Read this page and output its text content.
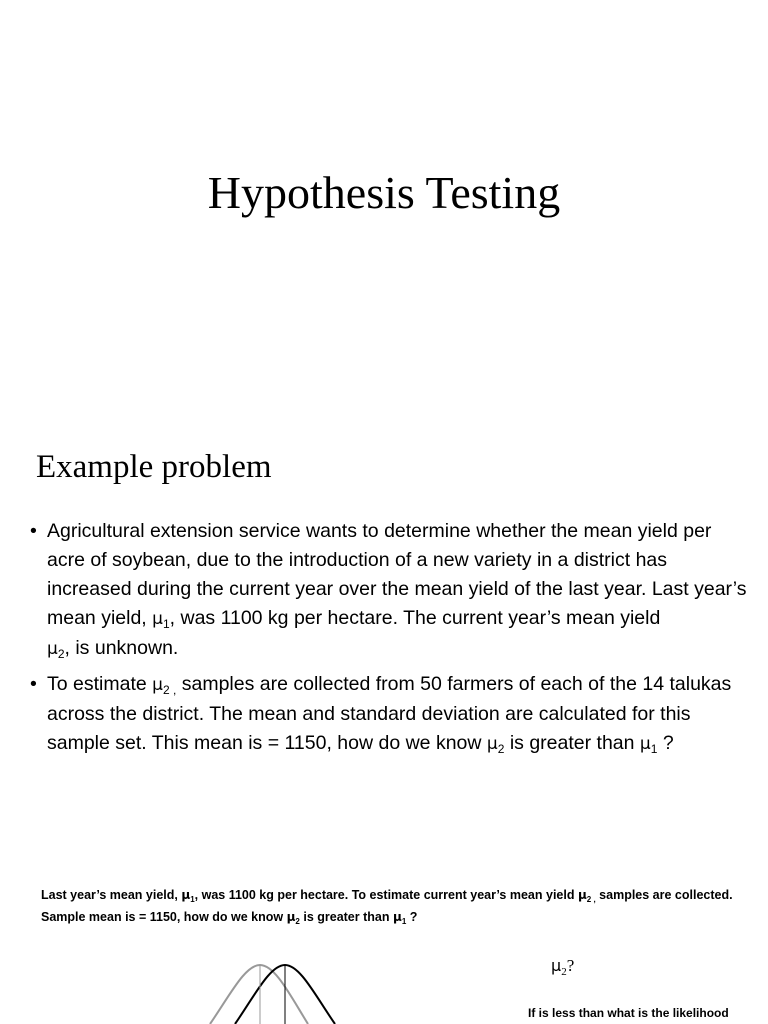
Hypothesis Testing
Example problem
• Agricultural extension service wants to determine whether the mean yield per acre of soybean, due to the introduction of a new variety in a district has increased during the current year over the mean yield of the last year. Last year’s mean yield, $\mu_1$, was 1100 kg per hectare. The current year’s mean yield
$\mu_2$, is unknown.
• To estimate $\mu_{2 ,}$ samples are collected from 50 farmers of each of the 14 talukas across the district. The mean and standard deviation are calculated for this sample set. This mean is = 1150, how do we know $\mu_2$ is greater than $\mu_1$ ?
Last year’s mean yield, $\mu_1$, was 1100 kg per hectare. To estimate current year’s mean yield $\mu_{2 ,}$ samples are collected.
Sample mean is = 1150, how do we know $\mu_2$ is greater than $\mu_1$ ?
$\mu_2$?
If is less than what is the likelihood
